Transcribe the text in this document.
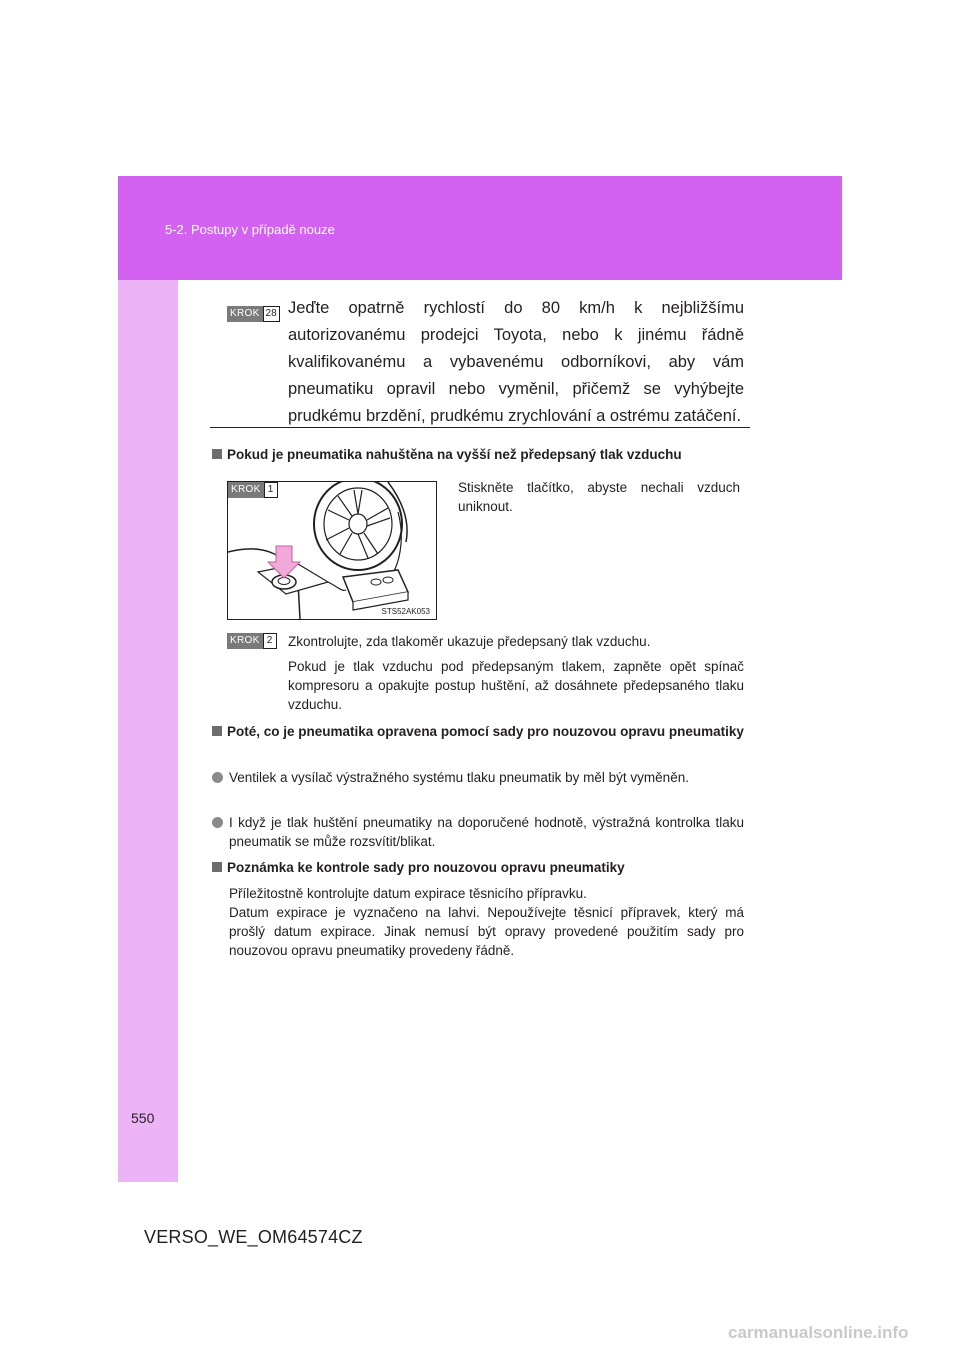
5-2. Postupy v případě nouze
KROK 28 Jeďte opatrně rychlostí do 80 km/h k nejbližšímu autorizovanému prodejci Toyota, nebo k jinému řádně kvalifikovanému a vybavenému odborníkovi, aby vám pneumatiku opravil nebo vyměnil, přičemž se vyhýbejte prudkému brzdění, prudkému zrychlování a ostrému zatáčení.
Pokud je pneumatika nahuštěna na vyšší než předepsaný tlak vzduchu
KROK 1
STS52AK053
Stiskněte tlačítko, abyste nechali vzduch uniknout.
KROK 2	Zkontrolujte, zda tlakoměr ukazuje předepsaný tlak vzduchu.
Pokud je tlak vzduchu pod předepsaným tlakem, zapněte opět spínač kompresoru a opakujte postup huštění, až dosáhnete předepsaného tlaku vzduchu.
Poté, co je pneumatika opravena pomocí sady pro nouzovou opravu pneumatiky
Ventilek a vysílač výstražného systému tlaku pneumatik by měl být vyměněn.
I když je tlak huštění pneumatiky na doporučené hodnotě, výstražná kontrolka tlaku pneumatik se může rozsvítit/blikat.
Poznámka ke kontrole sady pro nouzovou opravu pneumatiky
Příležitostně kontrolujte datum expirace těsnicího přípravku.
Datum expirace je vyznačeno na lahvi. Nepoužívejte těsnicí přípravek, který má prošlý datum expirace. Jinak nemusí být opravy provedené použitím sady pro nouzovou opravu pneumatiky provedeny řádně.
550
VERSO_WE_OM64574CZ
carmanualsonline.info
